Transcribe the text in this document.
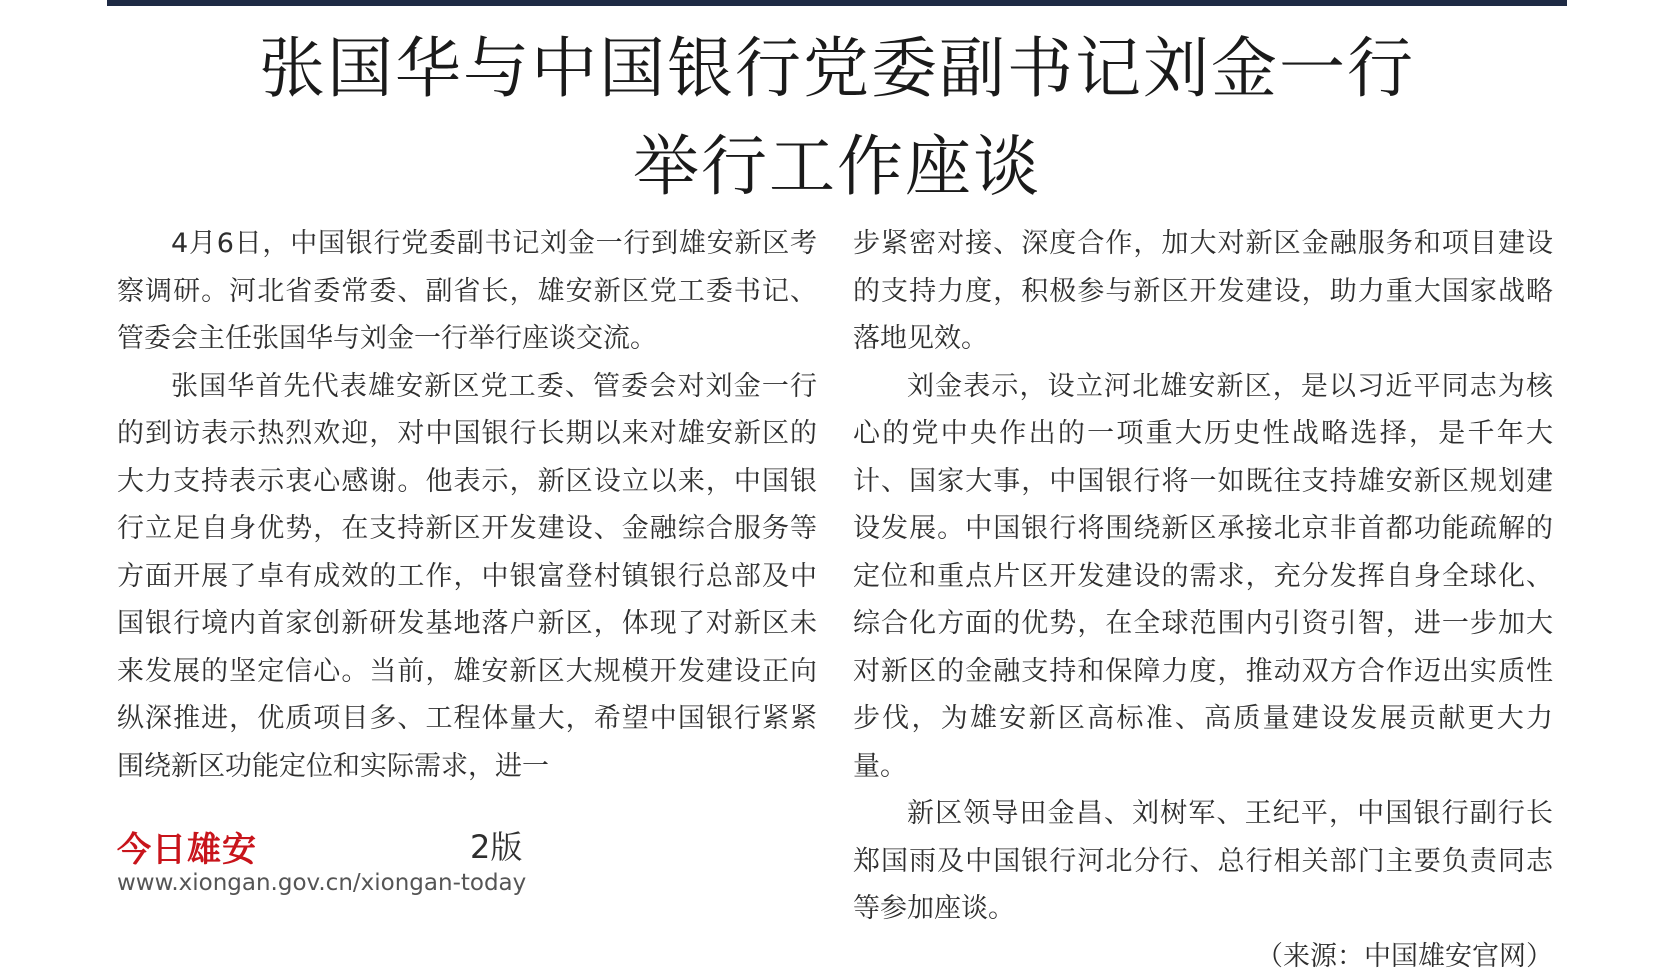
张国华与中国银行党委副书记刘金一行
举行工作座谈

4月6日，中国银行党委副书记刘金一行到雄安新区考察调研。河北省委常委、副省长，雄安新区党工委书记、管委会主任张国华与刘金一行举行座谈交流。

张国华首先代表雄安新区党工委、管委会对刘金一行的到访表示热烈欢迎，对中国银行长期以来对雄安新区的大力支持表示衷心感谢。他表示，新区设立以来，中国银行立足自身优势，在支持新区开发建设、金融综合服务等方面开展了卓有成效的工作，中银富登村镇银行总部及中国银行境内首家创新研发基地落户新区，体现了对新区未来发展的坚定信心。当前，雄安新区大规模开发建设正向纵深推进，优质项目多、工程体量大，希望中国银行紧紧围绕新区功能定位和实际需求，进一

步紧密对接、深度合作，加大对新区金融服务和项目建设的支持力度，积极参与新区开发建设，助力重大国家战略落地见效。

刘金表示，设立河北雄安新区，是以习近平同志为核心的党中央作出的一项重大历史性战略选择，是千年大计、国家大事，中国银行将一如既往支持雄安新区规划建设发展。中国银行将围绕新区承接北京非首都功能疏解的定位和重点片区开发建设的需求，充分发挥自身全球化、综合化方面的优势，在全球范围内引资引智，进一步加大对新区的金融支持和保障力度，推动双方合作迈出实质性步伐，为雄安新区高标准、高质量建设发展贡献更大力量。

新区领导田金昌、刘树军、王纪平，中国银行副行长郑国雨及中国银行河北分行、总行相关部门主要负责同志等参加座谈。

（来源：中国雄安官网）

今日雄安	2版
www.xiongan.gov.cn/xiongan-today
